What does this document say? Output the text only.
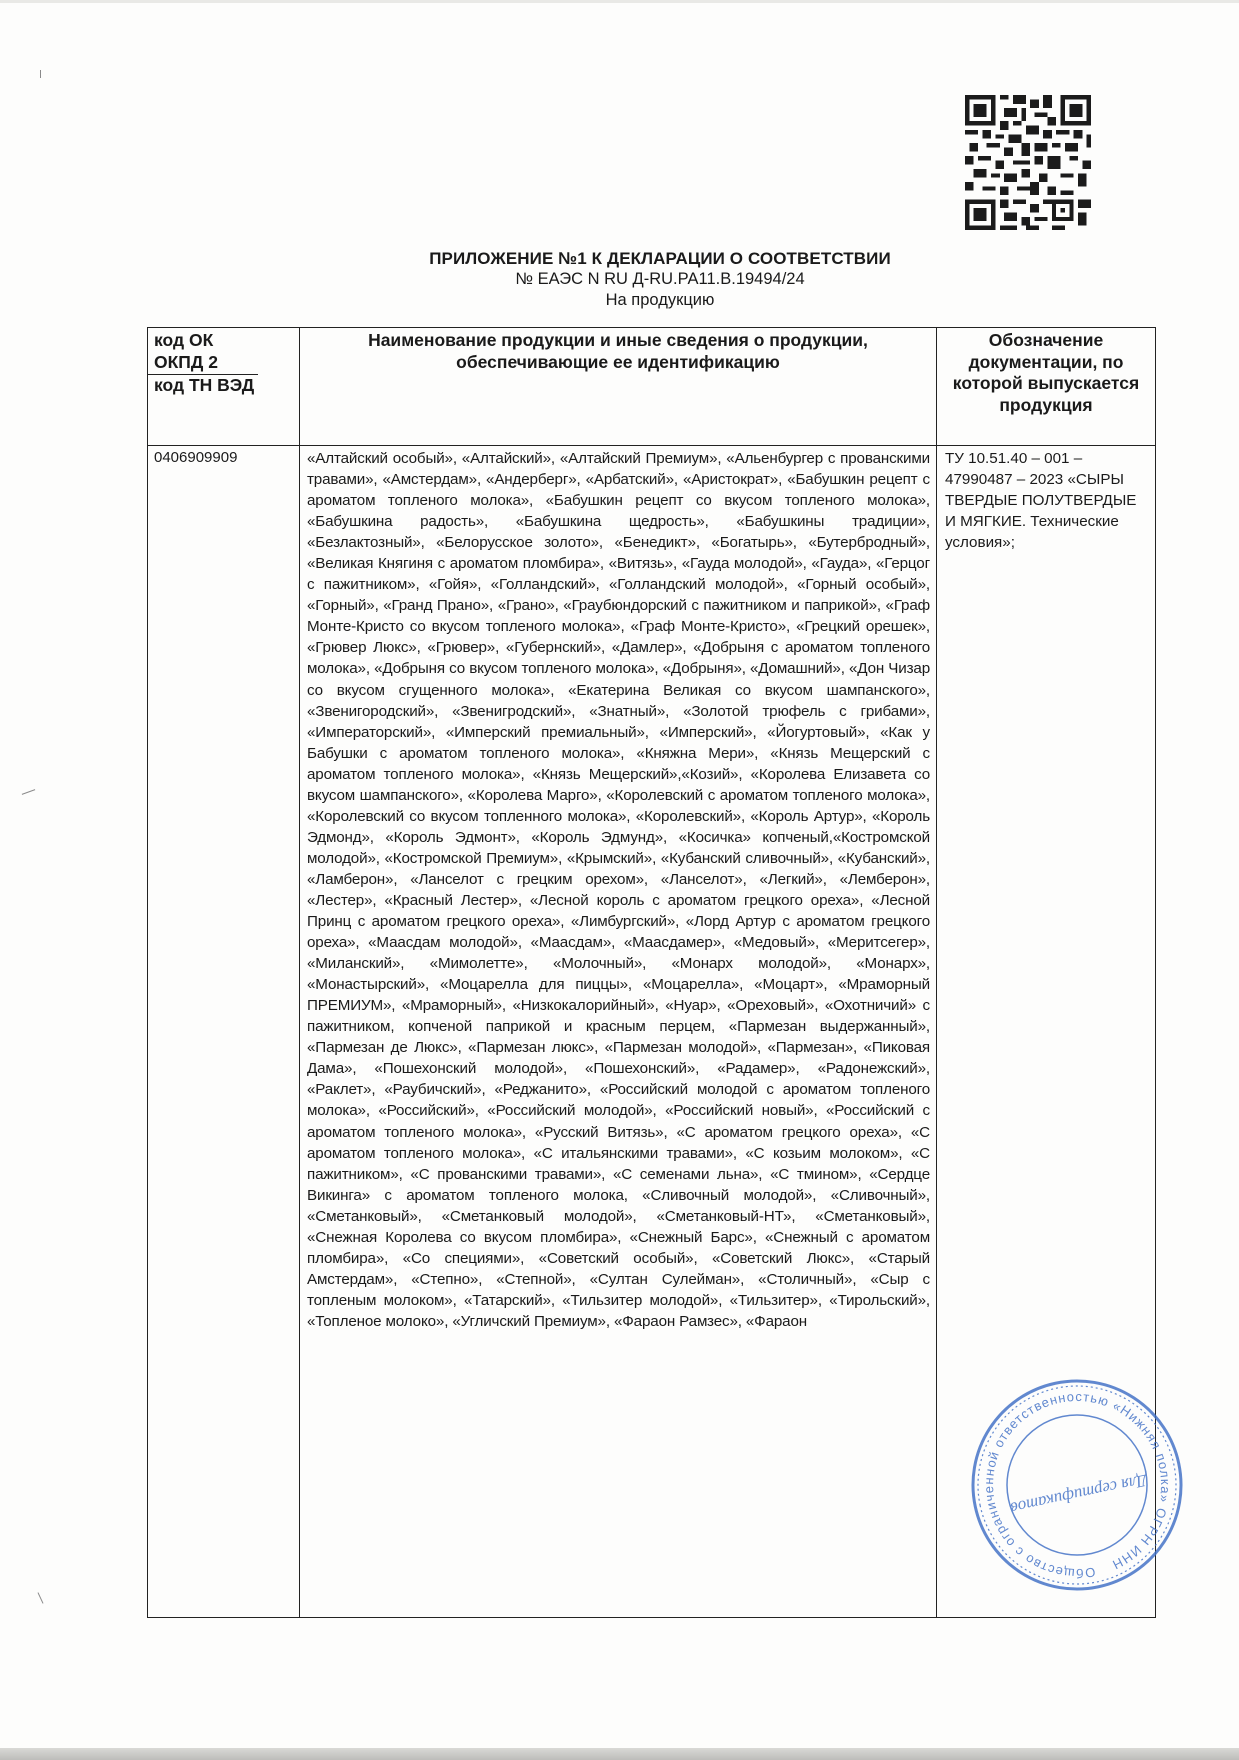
ПРИЛОЖЕНИЕ №1 К ДЕКЛАРАЦИИ О СООТВЕТСТВИИ
№ ЕАЭС N RU Д-RU.РА11.В.19494/24
На продукцию
код ОК ОКПД 2
код ТН ВЭД	Наименование продукции и иные сведения о продукции, обеспечивающие ее идентификацию	Обозначение документации, по которой выпускается продукция
0406909909	«Алтайский особый», «Алтайский», «Алтайский Премиум», «Альенбургер с прованскими травами», «Амстердам», «Андерберг», «Арбатский», «Аристократ», «Бабушкин рецепт с ароматом топленого молока», «Бабушкин рецепт со вкусом топленого молока», «Бабушкина радость», «Бабушкина щедрость», «Бабушкины традиции», «Безлактозный», «Белорусское золото», «Бенедикт», «Богатырь», «Бутербродный», «Великая Княгиня с ароматом пломбира», «Витязь», «Гауда молодой», «Гауда», «Герцог с пажитником», «Гойя», «Голландский», «Голландский молодой», «Горный особый», «Горный», «Гранд Прано», «Грано», «Граубюндорский с пажитником и паприкой», «Граф Монте-Кристо со вкусом топленого молока», «Граф Монте-Кристо», «Грецкий орешек», «Грювер Люкс», «Грювер», «Губернский», «Дамлер», «Добрыня с ароматом топленого молока», «Добрыня со вкусом топленого молока», «Добрыня», «Домашний», «Дон Чизар со вкусом сгущенного молока», «Екатерина Великая со вкусом шампанского», «Звенигородский», «Звенигродский», «Знатный», «Золотой трюфель с грибами», «Императорский», «Имперский премиальный», «Имперский», «Йогуртовый», «Как у Бабушки с ароматом топленого молока», «Княжна Мери», «Князь Мещерский с ароматом топленого молока», «Князь Мещерский»,«Козий», «Королева Елизавета со вкусом шампанского», «Королева Марго», «Королевский с ароматом топленого молока», «Королевский со вкусом топленного молока», «Королевский», «Король Артур», «Король Эдмонд», «Король Эдмонт», «Король Эдмунд», «Косичка» копченый,«Костромской молодой», «Костромской Премиум», «Крымский», «Кубанский сливочный», «Кубанский», «Ламберон», «Ланселот с грецким орехом», «Ланселот», «Легкий», «Лемберон», «Лестер», «Красный Лестер», «Лесной король с ароматом грецкого ореха», «Лесной Принц с ароматом грецкого ореха», «Лимбургский», «Лорд Артур с ароматом грецкого ореха», «Маасдам молодой», «Маасдам», «Маасдамер», «Медовый», «Меритсегер», «Миланский», «Мимолетте», «Молочный», «Монарх молодой», «Монарх», «Монастырский», «Моцарелла для пиццы», «Моцарелла», «Моцарт», «Мраморный ПРЕМИУМ», «Мраморный», «Низкокалорийный», «Нуар», «Ореховый», «Охотничий» с пажитником, копченой паприкой и красным перцем, «Пармезан выдержанный», «Пармезан де Люкс», «Пармезан люкс», «Пармезан молодой», «Пармезан», «Пиковая Дама», «Пошехонский молодой», «Пошехонский», «Радамер», «Радонежский», «Раклет», «Раубичский», «Реджанито», «Российский молодой с ароматом топленого молока», «Российский», «Российский молодой», «Российский новый», «Российский с ароматом топленого молока», «Русский Витязь», «С ароматом грецкого ореха», «С ароматом топленого молока», «С итальянскими травами», «С козьим молоком», «С пажитником», «С прованскими травами», «С семенами льна», «С тмином», «Сердце Викинга» с ароматом топленого молока, «Сливочный молодой», «Сливочный», «Сметанковый», «Сметанковый молодой», «Сметанковый-НТ», «Сметанковый», «Снежная Королева со вкусом пломбира», «Снежный Барс», «Снежный с ароматом пломбира», «Со специями», «Советский особый», «Советский Люкс», «Старый Амстердам», «Степно», «Степной», «Султан Сулейман», «Столичный», «Сыр с топленым молоком», «Татарский», «Тильзитер молодой», «Тильзитер», «Тирольский», «Топленое молоко», «Угличский Премиум», «Фараон Рамзес», «Фараон	ТУ 10.51.40 – 001 – 47990487 – 2023 «СЫРЫ ТВЕРДЫЕ ПОЛУТВЕРДЫЕ И МЯГКИЕ. Технические условия»;
Общество с ограниченной ответственностью «Нижняя полка» ОГРН ИНН
Для сертификатов
